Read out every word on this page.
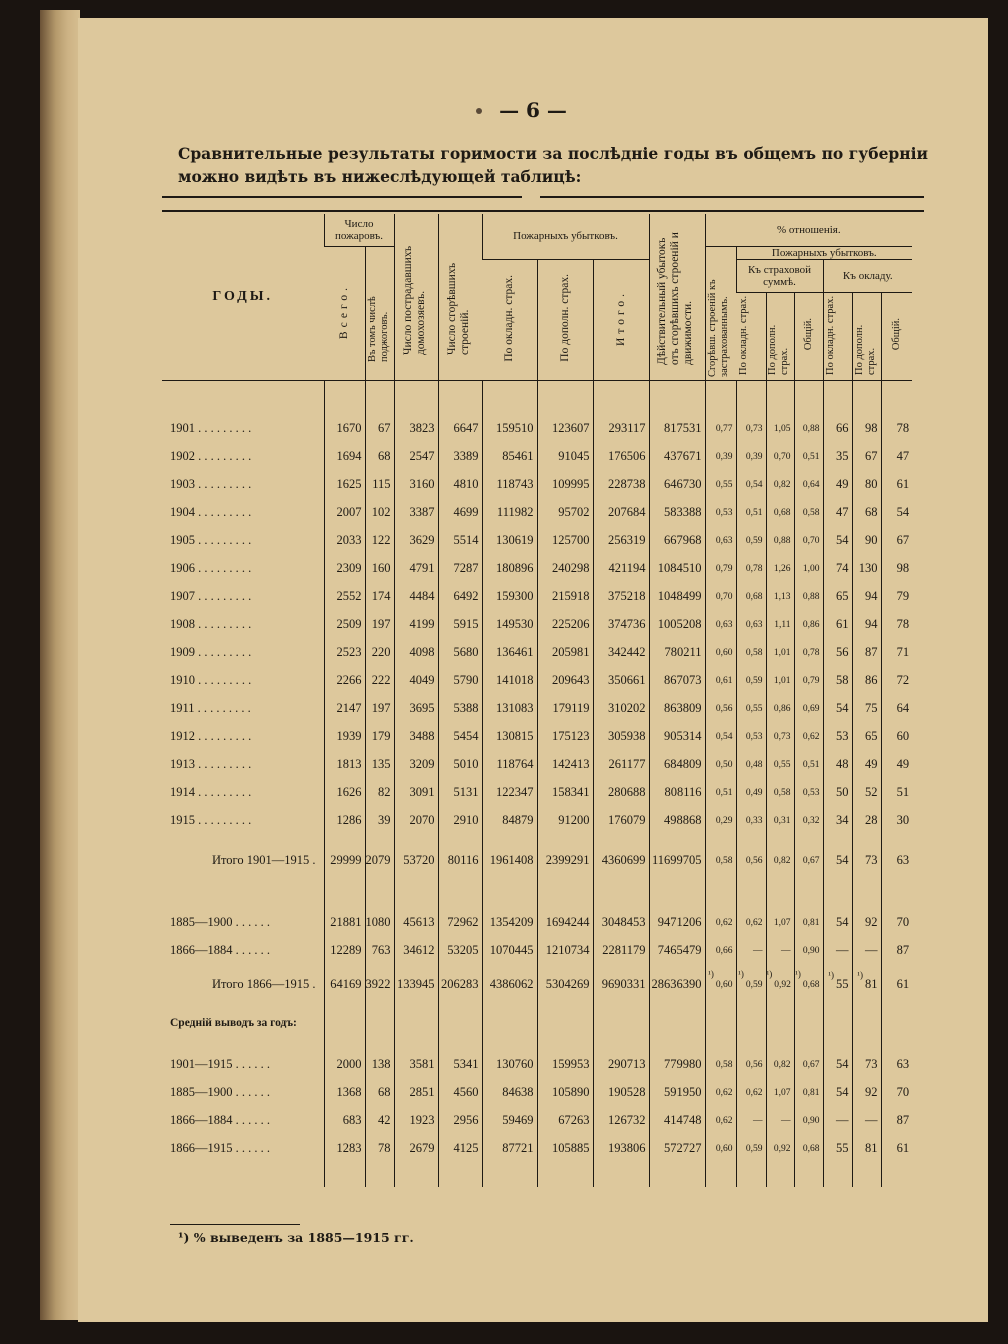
— 6 —

Сравнительные результаты горимости за послѣдніе годы въ общемъ по губерніи можно видѣть въ нижеслѣдующей таблицѣ:

ГОДЫ.	Число пожаровъ.		Число пострадавшихъ домохозяевъ.	Число сгорѣвшихъ строеній.	Пожарныхъ убытковъ.			Дѣйствительный убытокъ отъ сгорѣвшихъ строеній и движимости.	% отношенія.						
	Всего.	Въ томъ числѣ поджоговъ.							Сгорѣвш. строеній къ застрахованнымъ.	Пожарныхъ убытковъ.					
					По окладн. страх.	По дополн. страх.	Итого.			Къ страховой суммѣ.			Къ окладу.		
										По окладн. страх.	По дополн. страх.	Общій.	По окладн. страх.	По дополн. страх.	Общій.

1901 . . . . . . . . .	1670	67	3823	6647	159510	123607	293117	817531	0,77	0,73	1,05	0,88	66	98	78
1902 . . . . . . . . .	1694	68	2547	3389	85461	91045	176506	437671	0,39	0,39	0,70	0,51	35	67	47
1903 . . . . . . . . .	1625	115	3160	4810	118743	109995	228738	646730	0,55	0,54	0,82	0,64	49	80	61
1904 . . . . . . . . .	2007	102	3387	4699	111982	95702	207684	583388	0,53	0,51	0,68	0,58	47	68	54
1905 . . . . . . . . .	2033	122	3629	5514	130619	125700	256319	667968	0,63	0,59	0,88	0,70	54	90	67
1906 . . . . . . . . .	2309	160	4791	7287	180896	240298	421194	1084510	0,79	0,78	1,26	1,00	74	130	98
1907 . . . . . . . . .	2552	174	4484	6492	159300	215918	375218	1048499	0,70	0,68	1,13	0,88	65	94	79
1908 . . . . . . . . .	2509	197	4199	5915	149530	225206	374736	1005208	0,63	0,63	1,11	0,86	61	94	78
1909 . . . . . . . . .	2523	220	4098	5680	136461	205981	342442	780211	0,60	0,58	1,01	0,78	56	87	71
1910 . . . . . . . . .	2266	222	4049	5790	141018	209643	350661	867073	0,61	0,59	1,01	0,79	58	86	72
1911 . . . . . . . . .	2147	197	3695	5388	131083	179119	310202	863809	0,56	0,55	0,86	0,69	54	75	64
1912 . . . . . . . . .	1939	179	3488	5454	130815	175123	305938	905314	0,54	0,53	0,73	0,62	53	65	60
1913 . . . . . . . . .	1813	135	3209	5010	118764	142413	261177	684809	0,50	0,48	0,55	0,51	48	49	49
1914 . . . . . . . . .	1626	82	3091	5131	122347	158341	280688	808116	0,51	0,49	0,58	0,53	50	52	51
1915 . . . . . . . . .	1286	39	2070	2910	84879	91200	176079	498868	0,29	0,33	0,31	0,32	34	28	30

Итого 1901—1915 .	29999	2079	53720	80116	1961408	2399291	4360699	11699705	0,58	0,56	0,82	0,67	54	73	63

1885—1900 . . . . . .	21881	1080	45613	72962	1354209	1694244	3048453	9471206	0,62	0,62	1,07	0,81	54	92	70
1866—1884 . . . . . .	12289	763	34612	53205	1070445	1210734	2281179	7465479	0,66	—	—	0,90	—	—	87

Итого 1866—1915 .	64169	3922	133945	206283	4386062	5304269	9690331	28636390	¹)0,60	¹)0,59	¹)0,92	¹)0,68	$^{^1)}$55	$^{^1)}$81	61

Средній выводъ за годъ:															

1901—1915 . . . . . .	2000	138	3581	5341	130760	159953	290713	779980	0,58	0,56	0,82	0,67	54	73	63
1885—1900 . . . . . .	1368	68	2851	4560	84638	105890	190528	591950	0,62	0,62	1,07	0,81	54	92	70
1866—1884 . . . . . .	683	42	1923	2956	59469	67263	126732	414748	0,62	—	—	0,90	—	—	87
1866—1915 . . . . . .	1283	78	2679	4125	87721	105885	193806	572727	0,60	0,59	0,92	0,68	55	81	61

¹) % выведенъ за 1885—1915 гг.
